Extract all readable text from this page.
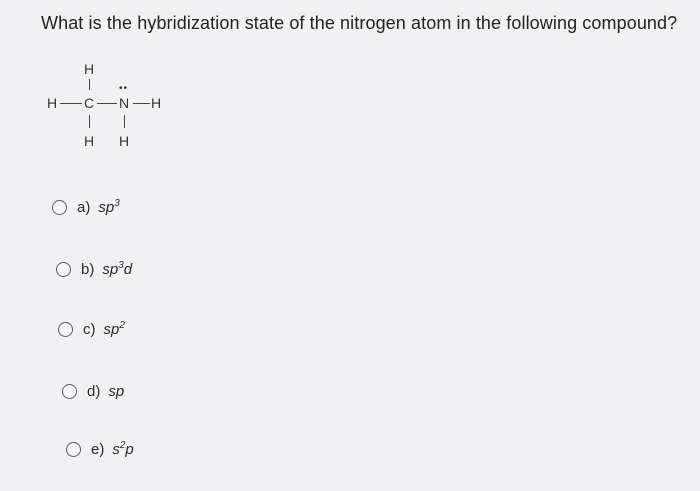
What is the hybridization state of the nitrogen atom in the following compound?
H
H C
••
N H
H H
a) $sp^3$
b) $sp^3d$
c) $sp^2$
d) sp
e) $s^2p$
